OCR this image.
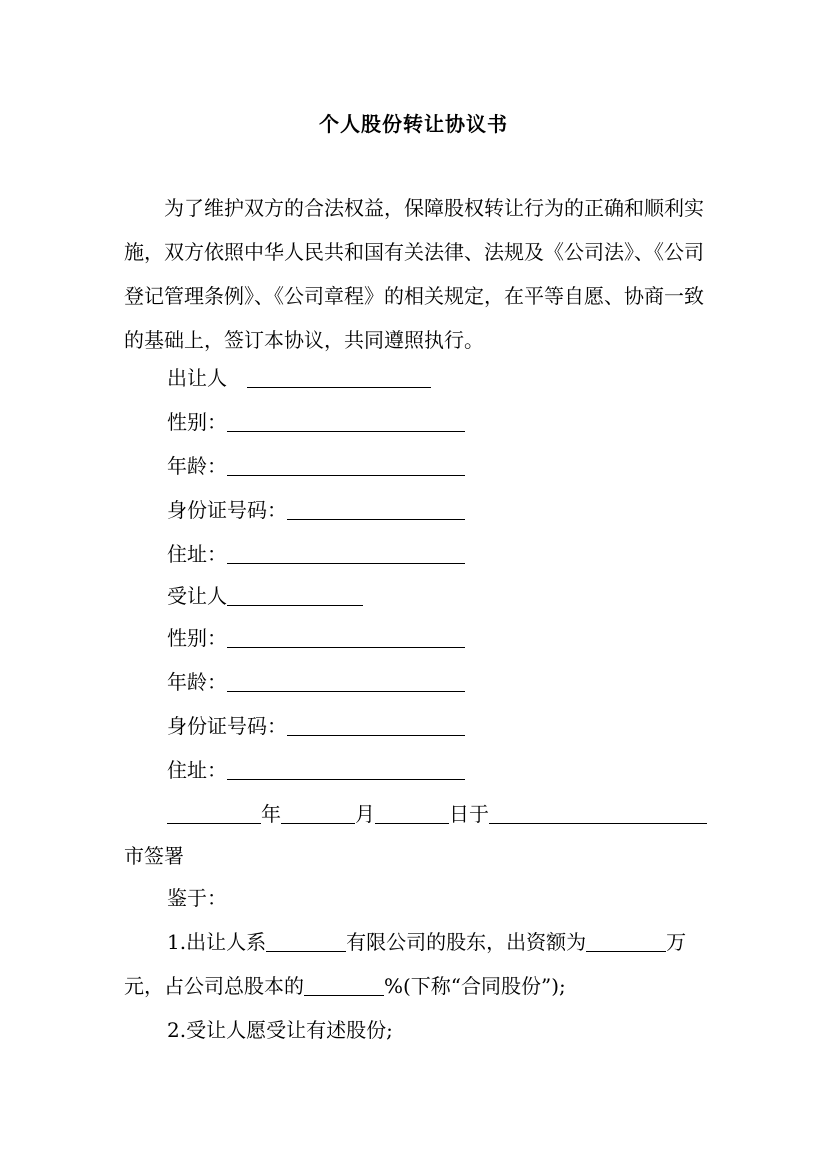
个人股份转让协议书
为了维护双方的合法权益，保障股权转让行为的正确和顺利实施，双方依照中华人民共和国有关法律、法规及《公司法》、《公司登记管理条例》、《公司章程》的相关规定，在平等自愿、协商一致的基础上，签订本协议，共同遵照执行。
出让人
性别：
年龄：
身份证号码：
住址：
受让人
性别：
年龄：
身份证号码：
住址：
年	月	日于
市签署
鉴于：
1.出让人系	有限公司的股东，出资额为	万
元，占公司总股本的	%(下称“合同股份”);
2.受让人愿受让有述股份;
